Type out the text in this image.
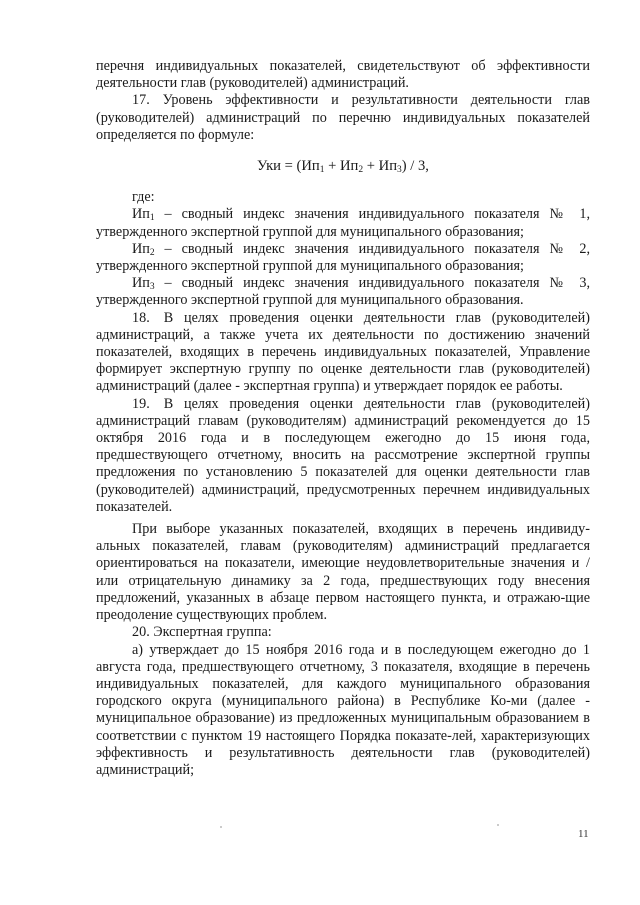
перечня индивидуальных показателей, свидетельствуют об эффективности деятельности глав (руководителей) администраций.

17. Уровень эффективности и результативности деятельности глав (руководителей) администраций по перечню индивидуальных показателей определяется по формуле:

Уки = $(Ип_1 + Ип_2 + Ип_3) / 3$,

где:

$Ип_1$ – сводный индекс значения индивидуального показателя № 1, утвержденного экспертной группой для муниципального образования;

$Ип_2$ – сводный индекс значения индивидуального показателя № 2, утвержденного экспертной группой для муниципального образования;

$Ип_3$ – сводный индекс значения индивидуального показателя № 3, утвержденного экспертной группой для муниципального образования.

18. В целях проведения оценки деятельности глав (руководителей) администраций, а также учета их деятельности по достижению значений показателей, входящих в перечень индивидуальных показателей, Управление формирует экспертную группу по оценке деятельности глав (руководителей) администраций (далее - экспертная группа) и утверждает порядок ее работы.

19. В целях проведения оценки деятельности глав (руководителей) администраций главам (руководителям) администраций рекомендуется до 15 октября 2016 года и в последующем ежегодно до 15 июня года, предшествующего отчетному, вносить на рассмотрение экспертной группы предложения по установлению 5 показателей для оценки деятельности глав (руководителей) администраций, предусмотренных перечнем индивидуальных показателей.

При выборе указанных показателей, входящих в перечень индивиду-альных показателей, главам (руководителям) администраций предлагается ориентироваться на показатели, имеющие неудовлетворительные значения и / или отрицательную динамику за 2 года, предшествующих году внесения предложений, указанных в абзаце первом настоящего пункта, и отражаю-щие преодоление существующих проблем.

20. Экспертная группа:

а) утверждает до 15 ноября 2016 года и в последующем ежегодно до 1 августа года, предшествующего отчетному, 3 показателя, входящие в перечень индивидуальных показателей, для каждого муниципального образования городского округа (муниципального района) в Республике Ко-ми (далее - муниципальное образование) из предложенных муниципальным образованием в соответствии с пунктом 19 настоящего Порядка показате-лей, характеризующих эффективность и результативность деятельности глав (руководителей) администраций;

11
